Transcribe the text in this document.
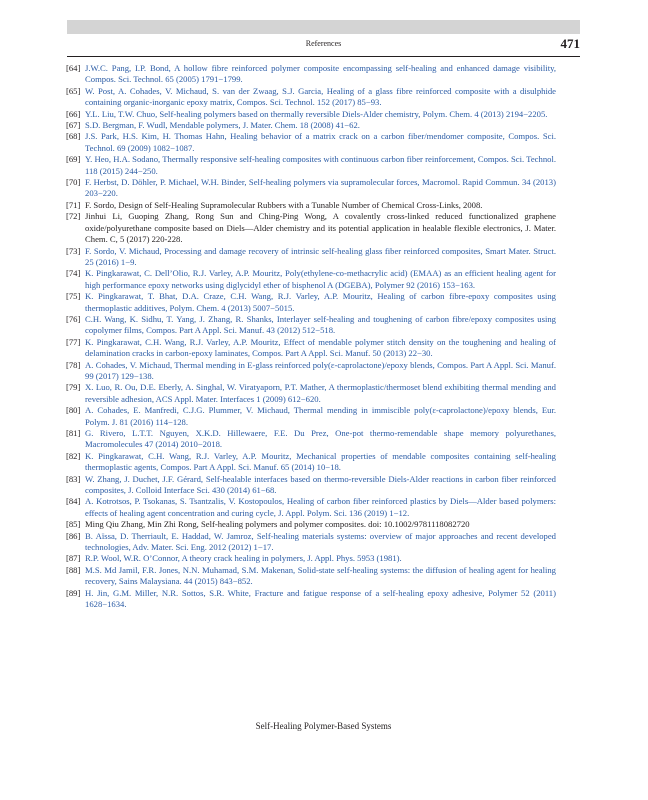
References	471

[64] J.W.C. Pang, I.P. Bond, A hollow fibre reinforced polymer composite encompassing self-healing and enhanced damage visibility, Compos. Sci. Technol. 65 (2005) 1791−1799.

[65] W. Post, A. Cohades, V. Michaud, S. van der Zwaag, S.J. Garcia, Healing of a glass fibre reinforced composite with a disulphide containing organic-inorganic epoxy matrix, Compos. Sci. Technol. 152 (2017) 85−93.

[66] Y.L. Liu, T.W. Chuo, Self-healing polymers based on thermally reversible Diels-Alder chemistry, Polym. Chem. 4 (2013) 2194−2205.

[67] S.D. Bergman, F. Wudl, Mendable polymers, J. Mater. Chem. 18 (2008) 41−62.

[68] J.S. Park, H.S. Kim, H. Thomas Hahn, Healing behavior of a matrix crack on a carbon fiber/mendomer composite, Compos. Sci. Technol. 69 (2009) 1082−1087.

[69] Y. Heo, H.A. Sodano, Thermally responsive self-healing composites with continuous carbon fiber reinforcement, Compos. Sci. Technol. 118 (2015) 244−250.

[70] F. Herbst, D. Döhler, P. Michael, W.H. Binder, Self-healing polymers via supramolecular forces, Macromol. Rapid Commun. 34 (2013) 203−220.

[71] F. Sordo, Design of Self-Healing Supramolecular Rubbers with a Tunable Number of Chemical Cross-Links, 2008.

[72] Jinhui Li, Guoping Zhang, Rong Sun and Ching-Ping Wong, A covalently cross-linked reduced functionalized graphene oxide/polyurethane composite based on Diels—Alder chemistry and its potential application in healable flexible electronics, J. Mater. Chem. C, 5 (2017) 220-228.

[73] F. Sordo, V. Michaud, Processing and damage recovery of intrinsic self-healing glass fiber reinforced composites, Smart Mater. Struct. 25 (2016) 1−9.

[74] K. Pingkarawat, C. Dell’Olio, R.J. Varley, A.P. Mouritz, Poly(ethylene-co-methacrylic acid) (EMAA) as an efficient healing agent for high performance epoxy networks using diglycidyl ether of bisphenol A (DGEBA), Polymer 92 (2016) 153−163.

[75] K. Pingkarawat, T. Bhat, D.A. Craze, C.H. Wang, R.J. Varley, A.P. Mouritz, Healing of carbon fibre-epoxy composites using thermoplastic additives, Polym. Chem. 4 (2013) 5007−5015.

[76] C.H. Wang, K. Sidhu, T. Yang, J. Zhang, R. Shanks, Interlayer self-healing and toughening of carbon fibre/epoxy composites using copolymer films, Compos. Part A Appl. Sci. Manuf. 43 (2012) 512−518.

[77] K. Pingkarawat, C.H. Wang, R.J. Varley, A.P. Mouritz, Effect of mendable polymer stitch density on the toughening and healing of delamination cracks in carbon-epoxy laminates, Compos. Part A Appl. Sci. Manuf. 50 (2013) 22−30.

[78] A. Cohades, V. Michaud, Thermal mending in E-glass reinforced poly(ε-caprolactone)/epoxy blends, Compos. Part A Appl. Sci. Manuf. 99 (2017) 129−138.

[79] X. Luo, R. Ou, D.E. Eberly, A. Singhal, W. Viratyaporn, P.T. Mather, A thermoplastic/thermoset blend exhibiting thermal mending and reversible adhesion, ACS Appl. Mater. Interfaces 1 (2009) 612−620.

[80] A. Cohades, E. Manfredi, C.J.G. Plummer, V. Michaud, Thermal mending in immiscible poly(ε-caprolactone)/epoxy blends, Eur. Polym. J. 81 (2016) 114−128.

[81] G. Rivero, L.T.T. Nguyen, X.K.D. Hillewaere, F.E. Du Prez, One-pot thermo-remendable shape memory polyurethanes, Macromolecules 47 (2014) 2010−2018.

[82] K. Pingkarawat, C.H. Wang, R.J. Varley, A.P. Mouritz, Mechanical properties of mendable composites containing self-healing thermoplastic agents, Compos. Part A Appl. Sci. Manuf. 65 (2014) 10−18.

[83] W. Zhang, J. Duchet, J.F. Gérard, Self-healable interfaces based on thermo-reversible Diels-Alder reactions in carbon fiber reinforced composites, J. Colloid Interface Sci. 430 (2014) 61−68.

[84] A. Kotrotsos, P. Tsokanas, S. Tsantzalis, V. Kostopoulos, Healing of carbon fiber reinforced plastics by Diels—Alder based polymers: effects of healing agent concentration and curing cycle, J. Appl. Polym. Sci. 136 (2019) 1−12.

[85] Ming Qiu Zhang, Min Zhi Rong, Self-healing polymers and polymer composites. doi: 10.1002/9781118082720

[86] B. Aïssa, D. Therriault, E. Haddad, W. Jamroz, Self-healing materials systems: overview of major approaches and recent developed technologies, Adv. Mater. Sci. Eng. 2012 (2012) 1−17.

[87] R.P. Wool, W.R. O’Connor, A theory crack healing in polymers, J. Appl. Phys. 5953 (1981).

[88] M.S. Md Jamil, F.R. Jones, N.N. Muhamad, S.M. Makenan, Solid-state self-healing systems: the diffusion of healing agent for healing recovery, Sains Malaysiana. 44 (2015) 843−852.

[89] H. Jin, G.M. Miller, N.R. Sottos, S.R. White, Fracture and fatigue response of a self-healing epoxy adhesive, Polymer 52 (2011) 1628−1634.

Self-Healing Polymer-Based Systems
